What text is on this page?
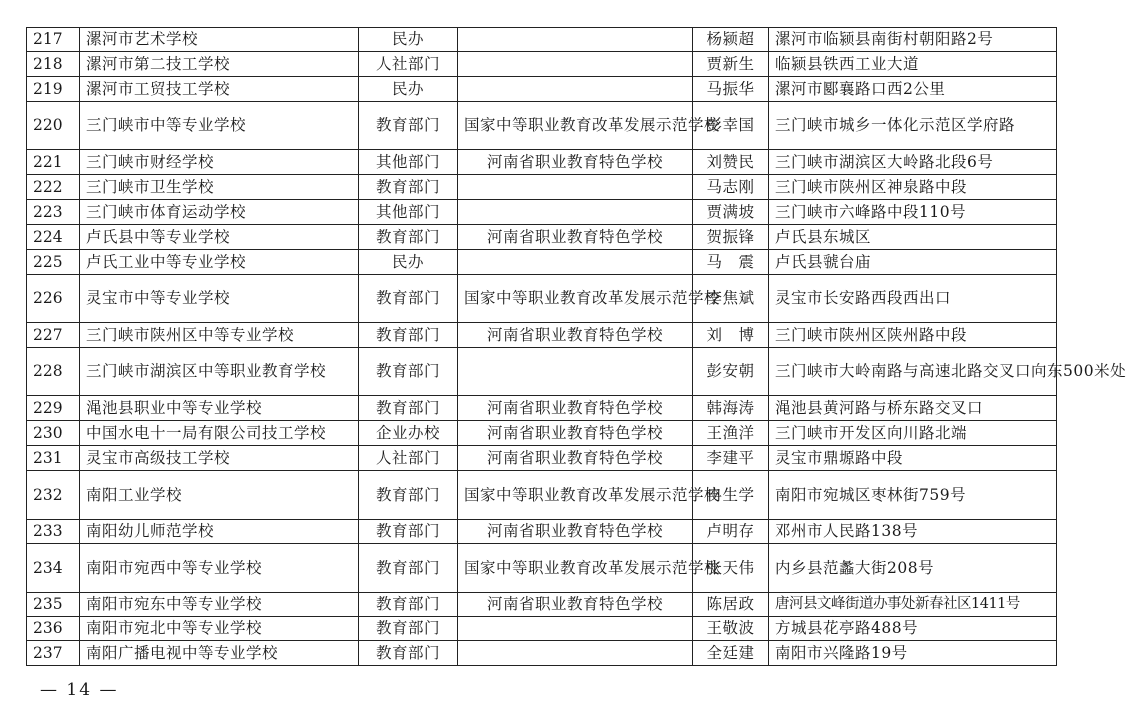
217	漯河市艺术学校	民办		杨颍超	漯河市临颍县南街村朝阳路2号
218	漯河市第二技工学校	人社部门		贾新生	临颍县铁西工业大道
219	漯河市工贸技工学校	民办		马振华	漯河市郾襄路口西2公里
220	三门峡市中等专业学校	教育部门	国家中等职业教育改革发展示范学校	彭幸国	三门峡市城乡一体化示范区学府路
221	三门峡市财经学校	其他部门	河南省职业教育特色学校	刘赞民	三门峡市湖滨区大岭路北段6号
222	三门峡市卫生学校	教育部门		马志刚	三门峡市陕州区神泉路中段
223	三门峡市体育运动学校	其他部门		贾满坡	三门峡市六峰路中段110号
224	卢氏县中等专业学校	教育部门	河南省职业教育特色学校	贺振锋	卢氏县东城区
225	卢氏工业中等专业学校	民办		马　震	卢氏县虢台庙
226	灵宝市中等专业学校	教育部门	国家中等职业教育改革发展示范学校	李焦斌	灵宝市长安路西段西出口
227	三门峡市陕州区中等专业学校	教育部门	河南省职业教育特色学校	刘　博	三门峡市陕州区陕州路中段
228	三门峡市湖滨区中等职业教育学校	教育部门		彭安朝	三门峡市大岭南路与高速北路交叉口向东500米处
229	渑池县职业中等专业学校	教育部门	河南省职业教育特色学校	韩海涛	渑池县黄河路与桥东路交叉口
230	中国水电十一局有限公司技工学校	企业办校	河南省职业教育特色学校	王渔洋	三门峡市开发区向川路北端
231	灵宝市高级技工学校	人社部门	河南省职业教育特色学校	李建平	灵宝市鼎塬路中段
232	南阳工业学校	教育部门	国家中等职业教育改革发展示范学校	冉生学	南阳市宛城区枣林街759号
233	南阳幼儿师范学校	教育部门	河南省职业教育特色学校	卢明存	邓州市人民路138号
234	南阳市宛西中等专业学校	教育部门	国家中等职业教育改革发展示范学校	张天伟	内乡县范蠡大街208号
235	南阳市宛东中等专业学校	教育部门	河南省职业教育特色学校	陈居政	唐河县文峰街道办事处新春社区1411号
236	南阳市宛北中等专业学校	教育部门		王敬波	方城县花亭路488号
237	南阳广播电视中等专业学校	教育部门		全廷建	南阳市兴隆路19号
— 14 —
